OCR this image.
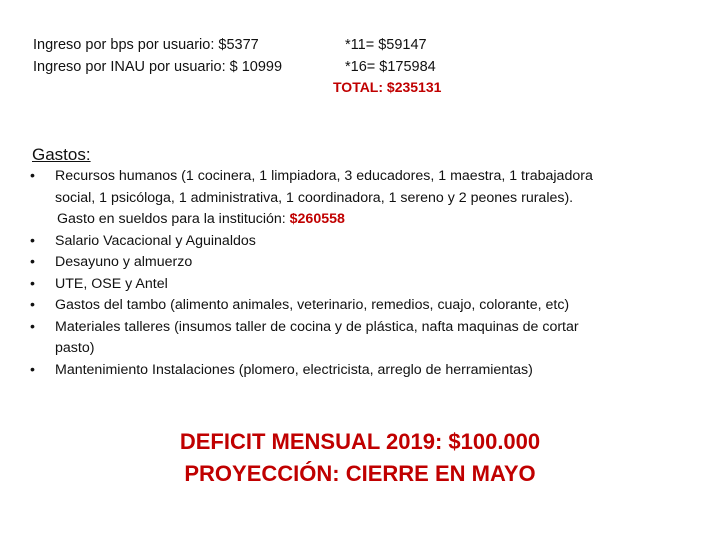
Ingreso por bps por usuario: $5377
Ingreso por INAU por usuario: $ 10999
*11= $59147
*16= $175984
TOTAL: $235131
Gastos:
• Recursos humanos (1 cocinera, 1 limpiadora, 3 educadores, 1 maestra, 1 trabajadora
social, 1 psicóloga, 1 administrativa, 1 coordinadora, 1 sereno y 2 peones rurales).
Gasto en sueldos para la institución: $260558
• Salario Vacacional y Aguinaldos
• Desayuno y almuerzo
• UTE, OSE y Antel
• Gastos del tambo (alimento animales, veterinario, remedios, cuajo, colorante, etc)
• Materiales talleres (insumos taller de cocina y de plástica, nafta maquinas de cortar
pasto)
• Mantenimiento Instalaciones (plomero, electricista, arreglo de herramientas)
DEFICIT MENSUAL 2019: $100.000
PROYECCIÓN: CIERRE EN MAYO
